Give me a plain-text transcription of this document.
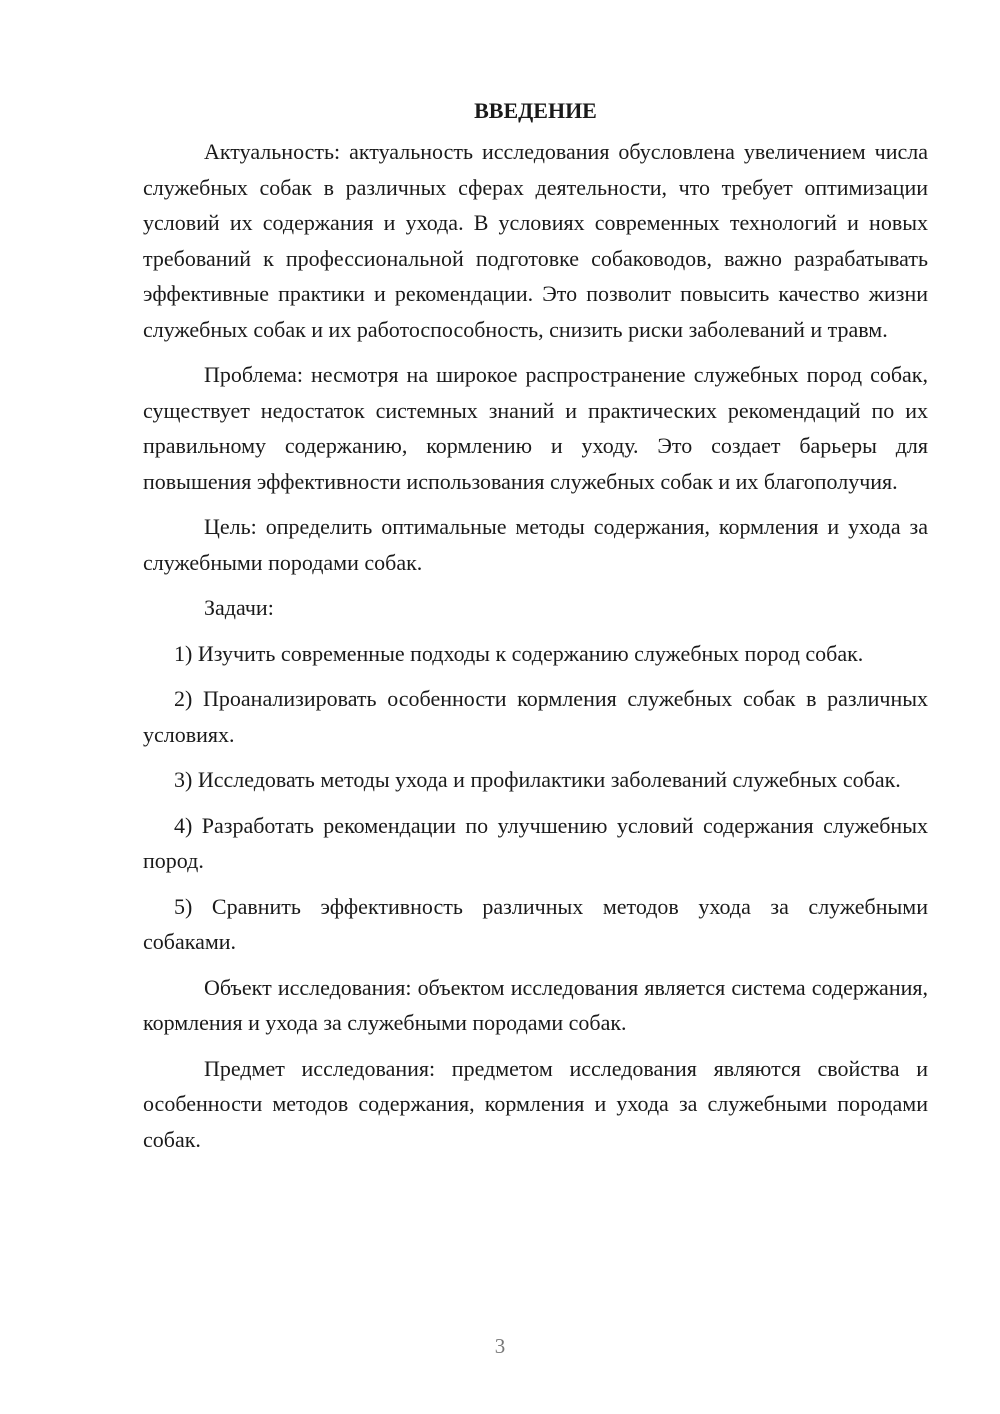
ВВЕДЕНИЕ

Актуальность: актуальность исследования обусловлена увеличением числа служебных собак в различных сферах деятельности, что требует оптимизации условий их содержания и ухода. В условиях современных технологий и новых требований к профессиональной подготовке собаководов, важно разрабатывать эффективные практики и рекомендации. Это позволит повысить качество жизни служебных собак и их работоспособность, снизить риски заболеваний и травм.

Проблема: несмотря на широкое распространение служебных пород собак, существует недостаток системных знаний и практических рекомендаций по их правильному содержанию, кормлению и уходу. Это создает барьеры для повышения эффективности использования служебных собак и их благополучия.

Цель: определить оптимальные методы содержания, кормления и ухода за служебными породами собак.

Задачи:

1) Изучить современные подходы к содержанию служебных пород собак.

2) Проанализировать особенности кормления служебных собак в различных условиях.

3) Исследовать методы ухода и профилактики заболеваний служебных собак.

4) Разработать рекомендации по улучшению условий содержания служебных пород.

5) Сравнить эффективность различных методов ухода за служебными собаками.

Объект исследования: объектом исследования является система содержания, кормления и ухода за служебными породами собак.

Предмет исследования: предметом исследования являются свойства и особенности методов содержания, кормления и ухода за служебными породами собак.

3
